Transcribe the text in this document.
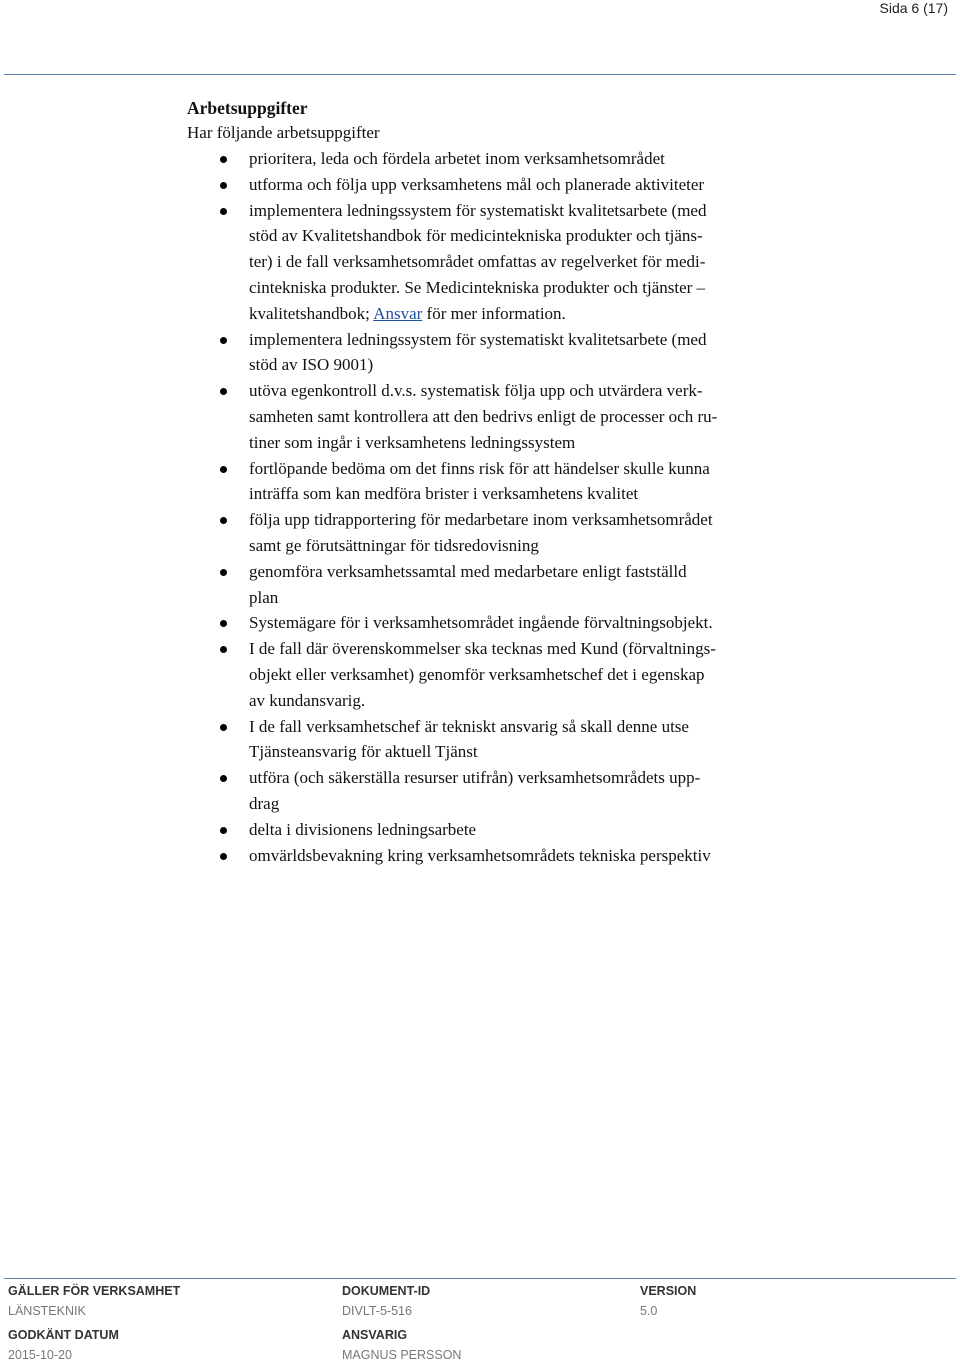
Sida 6 (17)
Arbetsuppgifter

Har följande arbetsuppgifter

prioritera, leda och fördela arbetet inom verksamhetsområdet
utforma och följa upp verksamhetens mål och planerade aktiviteter
implementera ledningssystem för systematiskt kvalitetsarbete (med
stöd av Kvalitetshandbok för medicintekniska produkter och tjäns-
ter) i de fall verksamhetsområdet omfattas av regelverket för medi-
cintekniska produkter. Se Medicintekniska produkter och tjänster –
kvalitetshandbok; Ansvar för mer information.
implementera ledningssystem för systematiskt kvalitetsarbete (med
stöd av ISO 9001)
utöva egenkontroll d.v.s. systematisk följa upp och utvärdera verk-
samheten samt kontrollera att den bedrivs enligt de processer och ru-
tiner som ingår i verksamhetens ledningssystem
fortlöpande bedöma om det finns risk för att händelser skulle kunna
inträffa som kan medföra brister i verksamhetens kvalitet
följa upp tidrapportering för medarbetare inom verksamhetsområdet
samt ge förutsättningar för tidsredovisning
genomföra verksamhetssamtal med medarbetare enligt fastställd
plan
Systemägare för i verksamhetsområdet ingående förvaltningsobjekt.
I de fall där överenskommelser ska tecknas med Kund (förvaltnings-
objekt eller verksamhet) genomför verksamhetschef det i egenskap
av kundansvarig.
I de fall verksamhetschef är tekniskt ansvarig så skall denne utse
Tjänsteansvarig för aktuell Tjänst
utföra (och säkerställa resurser utifrån) verksamhetsområdets upp-
drag
delta i divisionens ledningsarbete
omvärldsbevakning kring verksamhetsområdets tekniska perspektiv
GÄLLER FÖR VERKSAMHET
LÄNSTEKNIK
DOKUMENT-ID
DIVLT-5-516
VERSION
5.0
GODKÄNT DATUM
2015-10-20
ANSVARIG
MAGNUS PERSSON
